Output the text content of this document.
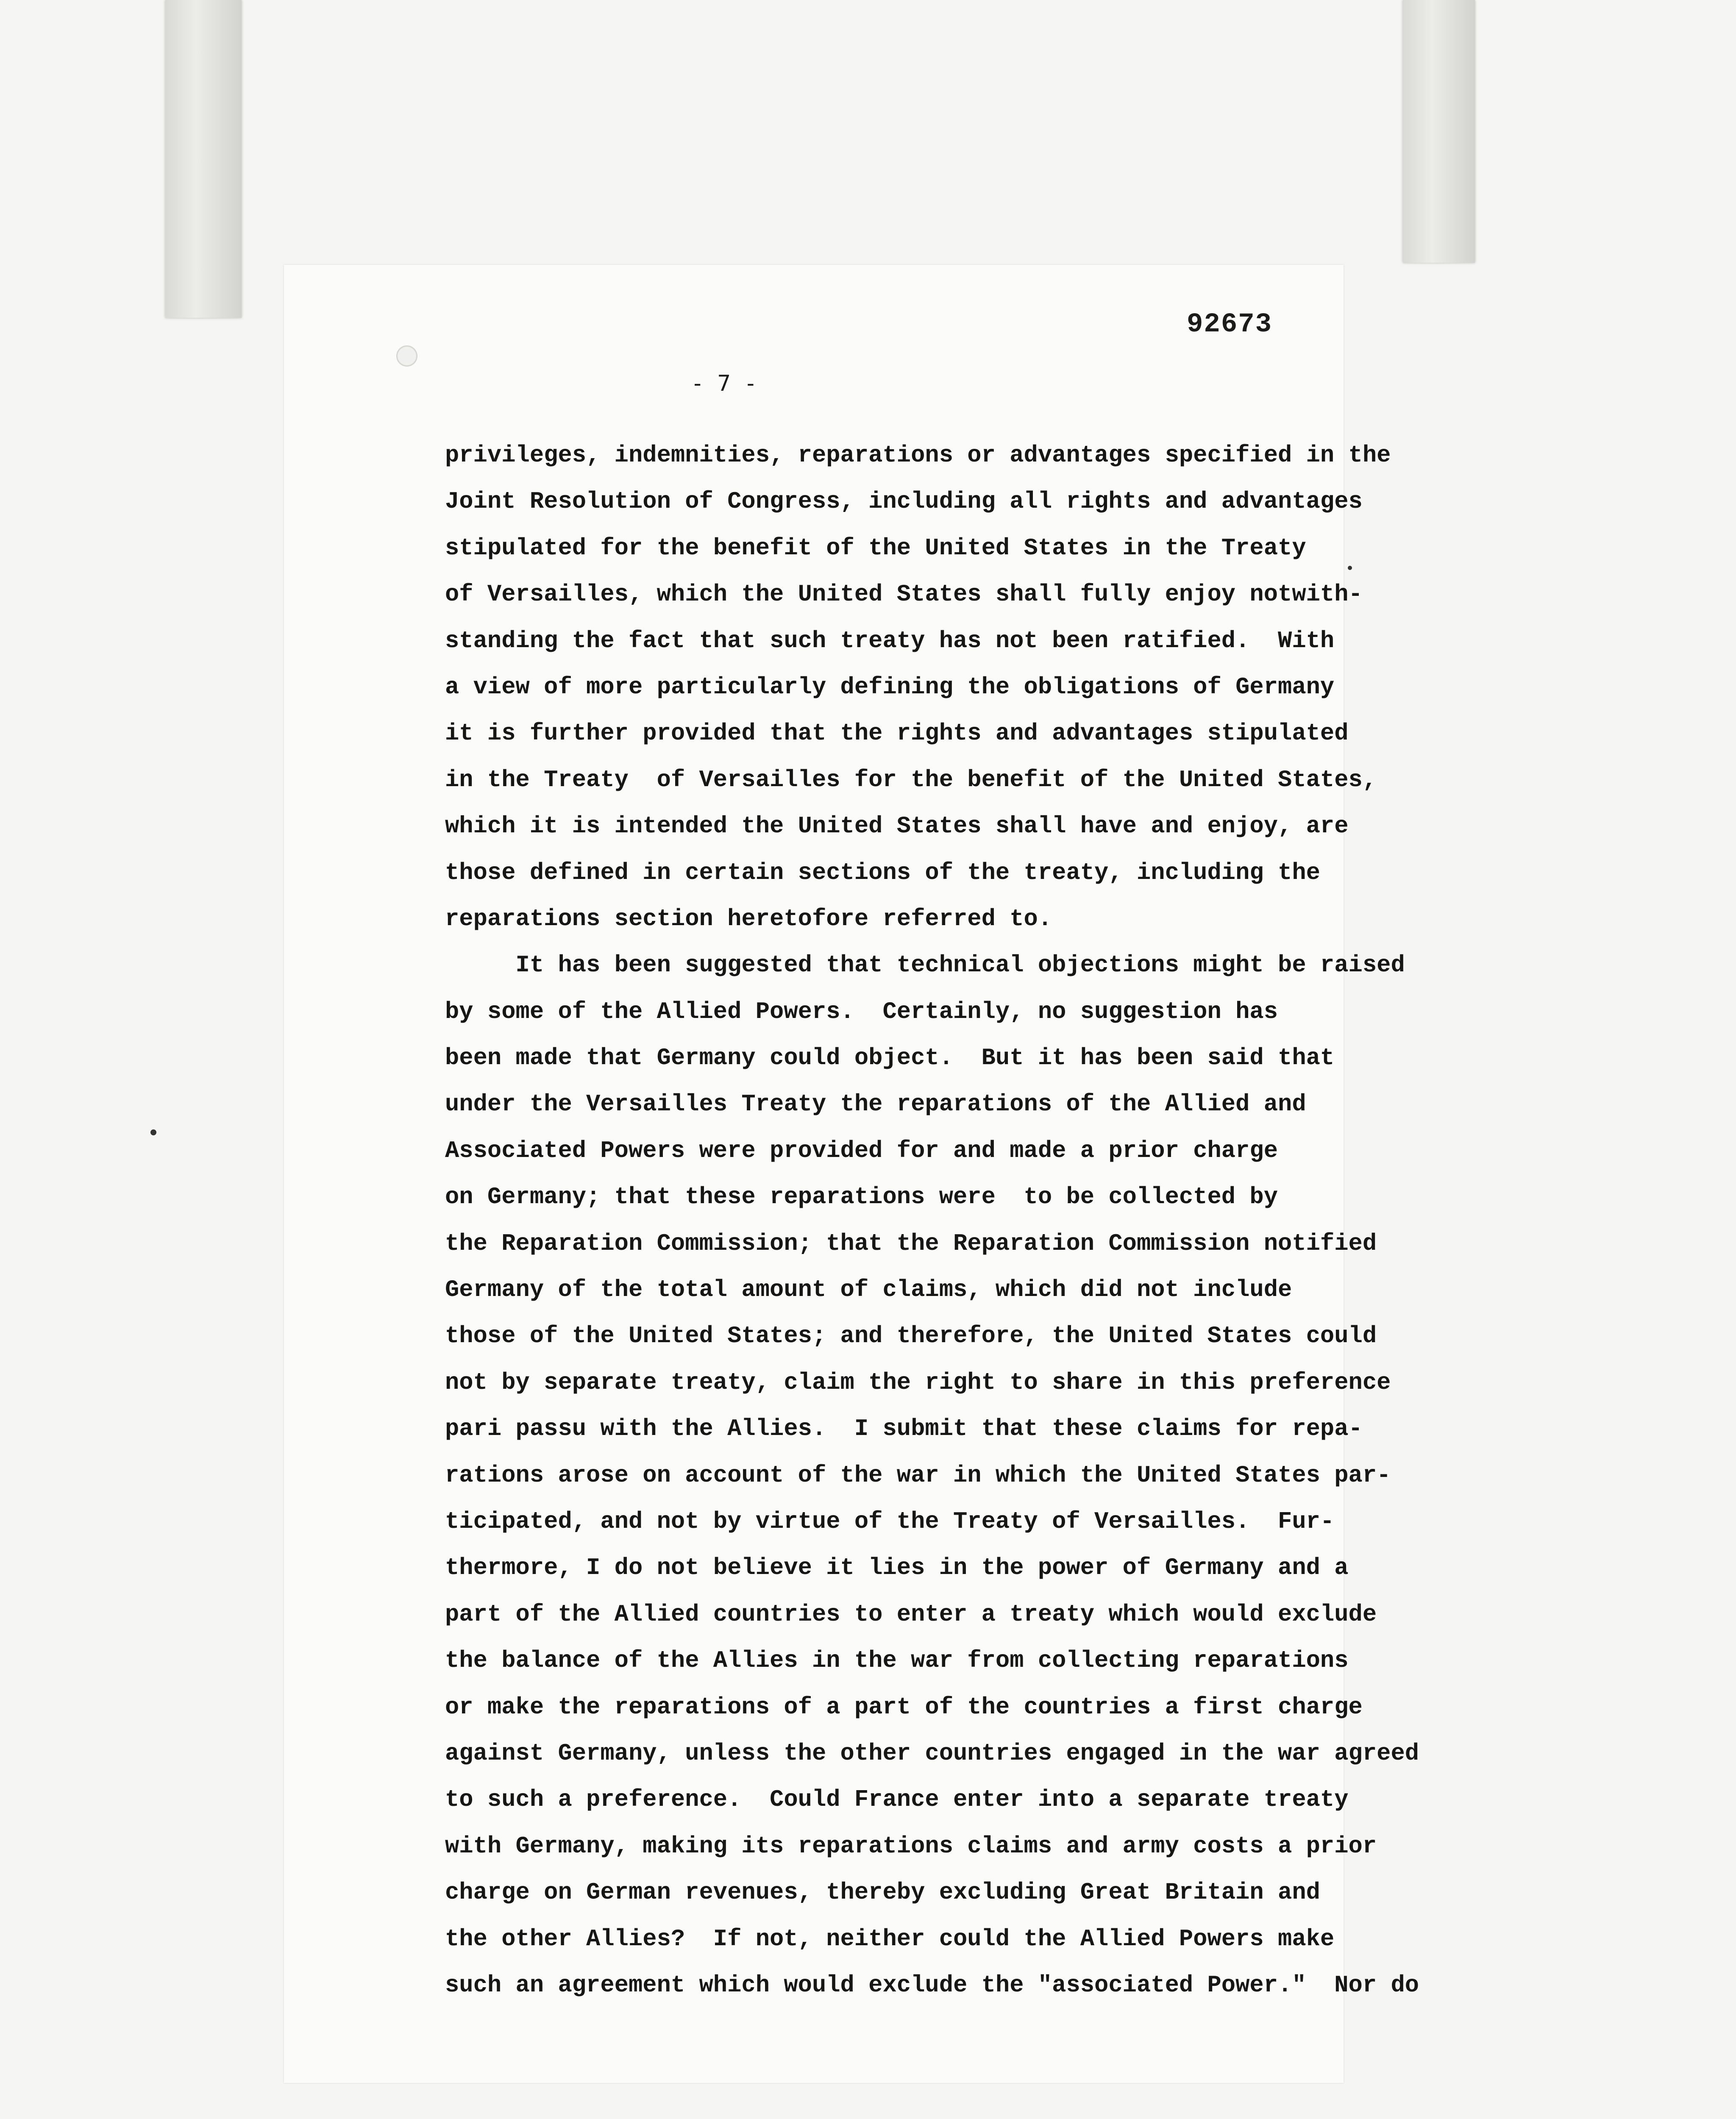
92673
- 7 -
privileges, indemnities, reparations or advantages specified in the
Joint Resolution of Congress, including all rights and advantages
stipulated for the benefit of the United States in the Treaty
of Versailles, which the United States shall fully enjoy notwith-
standing the fact that such treaty has not been ratified.  With
a view of more particularly defining the obligations of Germany
it is further provided that the rights and advantages stipulated
in the Treaty  of Versailles for the benefit of the United States,
which it is intended the United States shall have and enjoy, are
those defined in certain sections of the treaty, including the
reparations section heretofore referred to.
It has been suggested that technical objections might be raised
by some of the Allied Powers.  Certainly, no suggestion has
been made that Germany could object.  But it has been said that
under the Versailles Treaty the reparations of the Allied and
Associated Powers were provided for and made a prior charge
on Germany; that these reparations were  to be collected by
the Reparation Commission; that the Reparation Commission notified
Germany of the total amount of claims, which did not include
those of the United States; and therefore, the United States could
not by separate treaty, claim the right to share in this preference
pari passu with the Allies.  I submit that these claims for repa-
rations arose on account of the war in which the United States par-
ticipated, and not by virtue of the Treaty of Versailles.  Fur-
thermore, I do not believe it lies in the power of Germany and a
part of the Allied countries to enter a treaty which would exclude
the balance of the Allies in the war from collecting reparations
or make the reparations of a part of the countries a first charge
against Germany, unless the other countries engaged in the war agreed
to such a preference.  Could France enter into a separate treaty
with Germany, making its reparations claims and army costs a prior
charge on German revenues, thereby excluding Great Britain and
the other Allies?  If not, neither could the Allied Powers make
such an agreement which would exclude the "associated Power."  Nor do
